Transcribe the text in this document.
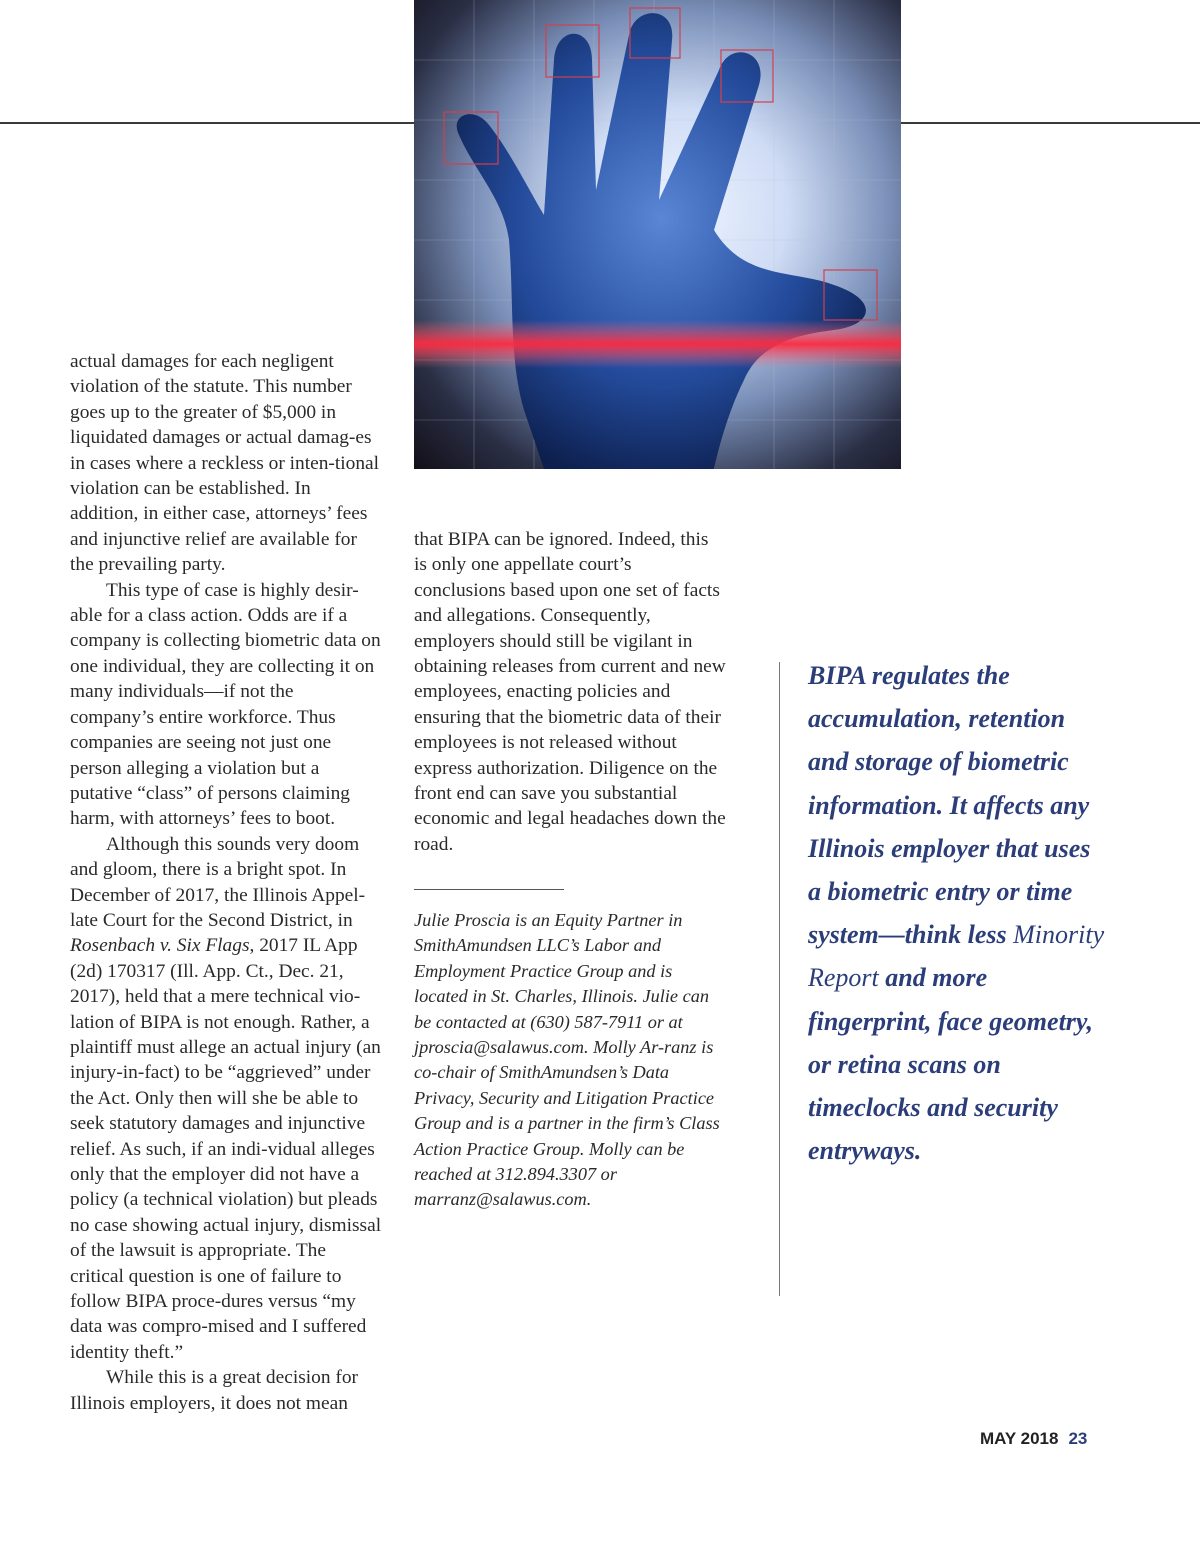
actual damages for each negligent violation of the statute. This number goes up to the greater of $5,000 in liquidated damages or actual damag-es in cases where a reckless or inten-tional violation can be established. In addition, in either case, attorneys’ fees and injunctive relief are available for the prevailing party.

This type of case is highly desir-able for a class action. Odds are if a company is collecting biometric data on one individual, they are collecting it on many individuals—if not the company’s entire workforce. Thus companies are seeing not just one person alleging a violation but a putative “class” of persons claiming harm, with attorneys’ fees to boot.

Although this sounds very doom and gloom, there is a bright spot. In December of 2017, the Illinois Appel-late Court for the Second District, in Rosenbach v. Six Flags, 2017 IL App (2d) 170317 (Ill. App. Ct., Dec. 21, 2017), held that a mere technical vio-lation of BIPA is not enough. Rather, a plaintiff must allege an actual injury (an injury-in-fact) to be “aggrieved” under the Act. Only then will she be able to seek statutory damages and injunctive relief. As such, if an indi-vidual alleges only that the employer did not have a policy (a technical violation) but pleads no case showing actual injury, dismissal of the lawsuit is appropriate. The critical question is one of failure to follow BIPA proce-dures versus “my data was compro-mised and I suffered identity theft.”

While this is a great decision for Illinois employers, it does not mean

that BIPA can be ignored. Indeed, this is only one appellate court’s conclusions based upon one set of facts and allegations. Consequently, employers should still be vigilant in obtaining releases from current and new employees, enacting policies and ensuring that the biometric data of their employees is not released without express authorization. Diligence on the front end can save you substantial economic and legal headaches down the road.

Julie Proscia is an Equity Partner in SmithAmundsen LLC’s Labor and Employment Practice Group and is located in St. Charles, Illinois. Julie can be contacted at (630) 587-7911 or at jproscia@salawus.com. Molly Ar-ranz is co-chair of SmithAmundsen’s Data Privacy, Security and Litigation Practice Group and is a partner in the firm’s Class Action Practice Group. Molly can be reached at 312.894.3307 or marranz@salawus.com.
BIPA regulates the accumulation, retention and storage of biometric information. It affects any Illinois employer that uses a biometric entry or time system—think less Minority Report and more fingerprint, face geometry, or retina scans on timeclocks and security entryways.
MAY 2018 23
